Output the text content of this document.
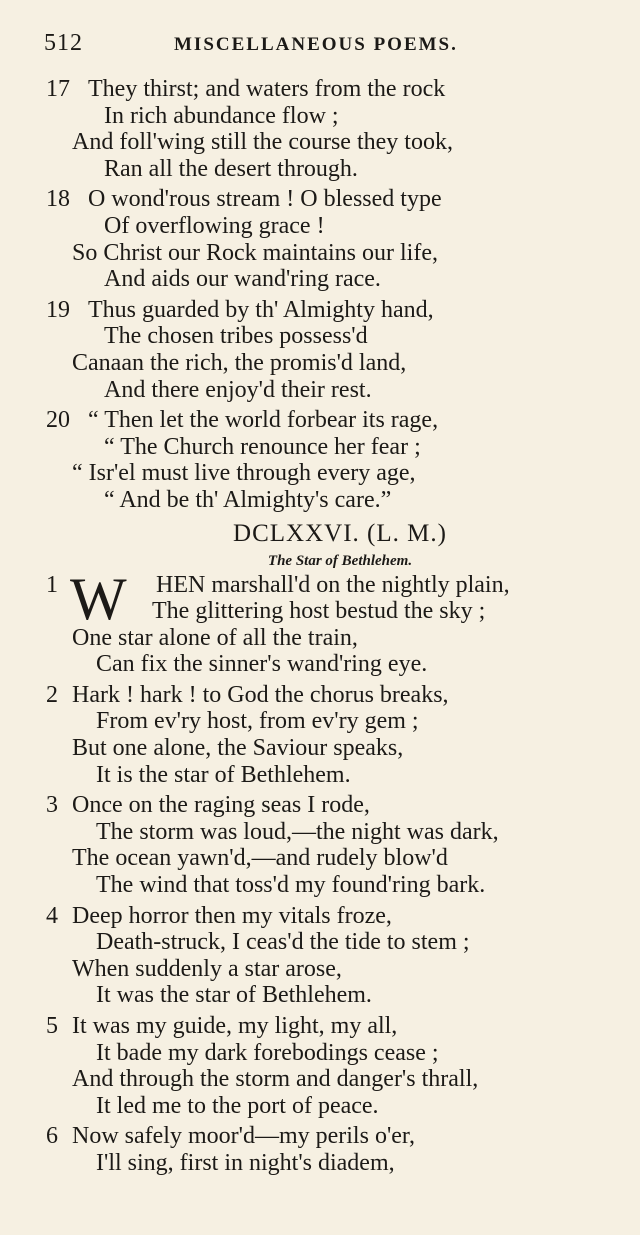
512	MISCELLANEOUS POEMS.
17 They thirst; and waters from the rock
In rich abundance flow ;
And foll'wing still the course they took,
Ran all the desert through.
18 O wond'rous stream ! O blessed type
Of overflowing grace !
So Christ our Rock maintains our life,
And aids our wand'ring race.
19 Thus guarded by th' Almighty hand,
The chosen tribes possess'd
Canaan the rich, the promis'd land,
And there enjoy'd their rest.
20 “ Then let the world forbear its rage,
“ The Church renounce her fear ;
“ Isr'el must live through every age,
“ And be th' Almighty's care.”
DCLXXVI. (L. M.)
The Star of Bethlehem.
1 W HEN marshall'd on the nightly plain,
The glittering host bestud the sky ;
One star alone of all the train,
Can fix the sinner's wand'ring eye.
2 Hark ! hark ! to God the chorus breaks,
From ev'ry host, from ev'ry gem ;
But one alone, the Saviour speaks,
It is the star of Bethlehem.
3 Once on the raging seas I rode,
The storm was loud,—the night was dark,
The ocean yawn'd,—and rudely blow'd
The wind that toss'd my found'ring bark.
4 Deep horror then my vitals froze,
Death-struck, I ceas'd the tide to stem ;
When suddenly a star arose,
It was the star of Bethlehem.
5 It was my guide, my light, my all,
It bade my dark forebodings cease ;
And through the storm and danger's thrall,
It led me to the port of peace.
6 Now safely moor'd—my perils o'er,
I'll sing, first in night's diadem,
